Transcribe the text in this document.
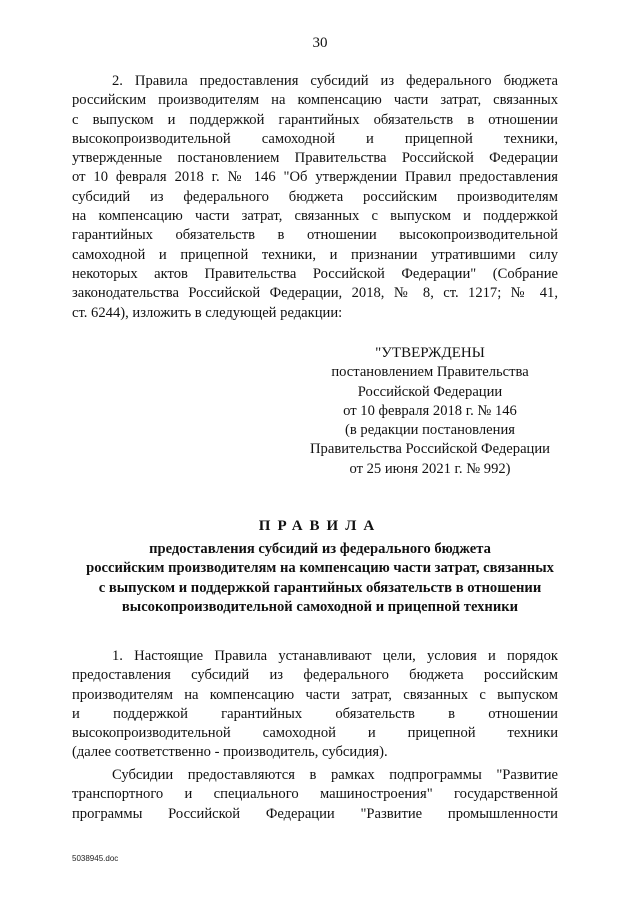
30
2. Правила предоставления субсидий из федерального бюджета
российским производителям на компенсацию части затрат, связанных
с выпуском и поддержкой гарантийных обязательств в отношении
высокопроизводительной самоходной и прицепной техники,
утвержденные постановлением Правительства Российской Федерации
от 10 февраля 2018 г. № 146 "Об утверждении Правил предоставления
субсидий из федерального бюджета российским производителям
на компенсацию части затрат, связанных с выпуском и поддержкой
гарантийных обязательств в отношении высокопроизводительной
самоходной и прицепной техники, и признании утратившими силу
некоторых актов Правительства Российской Федерации" (Собрание
законодательства Российской Федерации, 2018, № 8, ст. 1217; № 41,
ст. 6244), изложить в следующей редакции:
"УТВЕРЖДЕНЫ
постановлением Правительства
Российской Федерации
от 10 февраля 2018 г. № 146
(в редакции постановления
Правительства Российской Федерации
от 25 июня 2021 г. № 992)
ПРАВИЛА
предоставления субсидий из федерального бюджета
российским производителям на компенсацию части затрат, связанных
с выпуском и поддержкой гарантийных обязательств в отношении
высокопроизводительной самоходной и прицепной техники
1. Настоящие Правила устанавливают цели, условия и порядок
предоставления субсидий из федерального бюджета российским
производителям на компенсацию части затрат, связанных с выпуском
и поддержкой гарантийных обязательств в отношении
высокопроизводительной самоходной и прицепной техники
(далее соответственно - производитель, субсидия).
Субсидии предоставляются в рамках подпрограммы "Развитие
транспортного и специального машиностроения" государственной
программы Российской Федерации "Развитие промышленности
5038945.doc
